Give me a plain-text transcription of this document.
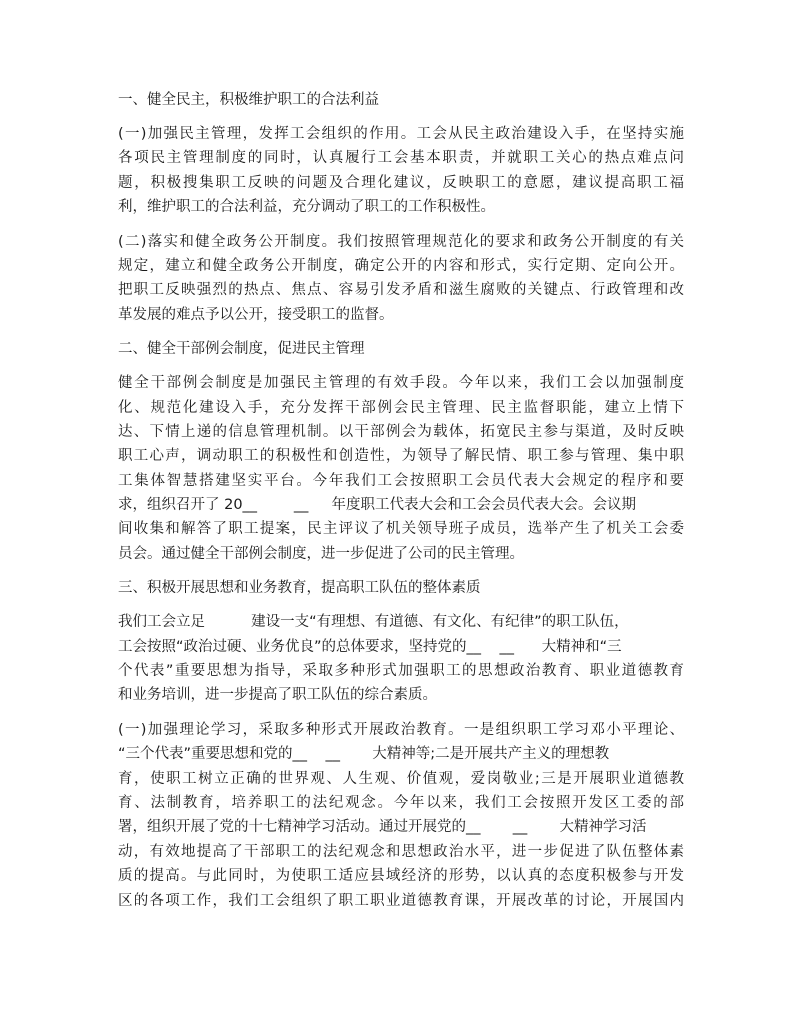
一、健全民主，积极维护职工的合法利益
(一)加强民主管理，发挥工会组织的作用。工会从民主政治建设入手，在坚持实施
各项民主管理制度的同时，认真履行工会基本职责，并就职工关心的热点难点问
题，积极搜集职工反映的问题及合理化建议，反映职工的意愿，建议提高职工福
利，维护职工的合法利益，充分调动了职工的工作积极性。
(二)落实和健全政务公开制度。我们按照管理规范化的要求和政务公开制度的有关
规定，建立和健全政务公开制度，确定公开的内容和形式，实行定期、定向公开。
把职工反映强烈的热点、焦点、容易引发矛盾和滋生腐败的关键点、行政管理和改
革发展的难点予以公开，接受职工的监督。
二、健全干部例会制度，促进民主管理
健全干部例会制度是加强民主管理的有效手段。今年以来，我们工会以加强制度
化、规范化建设入手，充分发挥干部例会民主管理、民主监督职能，建立上情下
达、下情上递的信息管理机制。以干部例会为载体，拓宽民主参与渠道，及时反映
职工心声，调动职工的积极性和创造性，为领导了解民情、职工参与管理、集中职
工集体智慧搭建坚实平台。今年我们工会按照职工会员代表大会规定的程序和要
求，组织召开了 20__        __     年度职工代表大会和工会会员代表大会。会议期
间收集和解答了职工提案，民主评议了机关领导班子成员，选举产生了机关工会委
员会。通过健全干部例会制度，进一步促进了公司的民主管理。
三、积极开展思想和业务教育，提高职工队伍的整体素质
我们工会立足          建设一支“有理想、有道德、有文化、有纪律”的职工队伍，
工会按照“政治过硬、业务优良”的总体要求，坚持党的__    __      大精神和“三
个代表”重要思想为指导，采取多种形式加强职工的思想政治教育、职业道德教育
和业务培训，进一步提高了职工队伍的综合素质。
(一)加强理论学习，采取多种形式开展政治教育。一是组织职工学习邓小平理论、
“三个代表”重要思想和党的__    __       大精神等;二是开展共产主义的理想教
育，使职工树立正确的世界观、人生观、价值观，爱岗敬业;三是开展职业道德教
育、法制教育，培养职工的法纪观念。今年以来，我们工会按照开发区工委的部
署，组织开展了党的十七精神学习活动。通过开展党的__       __       大精神学习活
动，有效地提高了干部职工的法纪观念和思想政治水平，进一步促进了队伍整体素
质的提高。与此同时，为使职工适应县域经济的形势，以认真的态度积极参与开发
区的各项工作，我们工会组织了职工职业道德教育课，开展改革的讨论，开展国内
